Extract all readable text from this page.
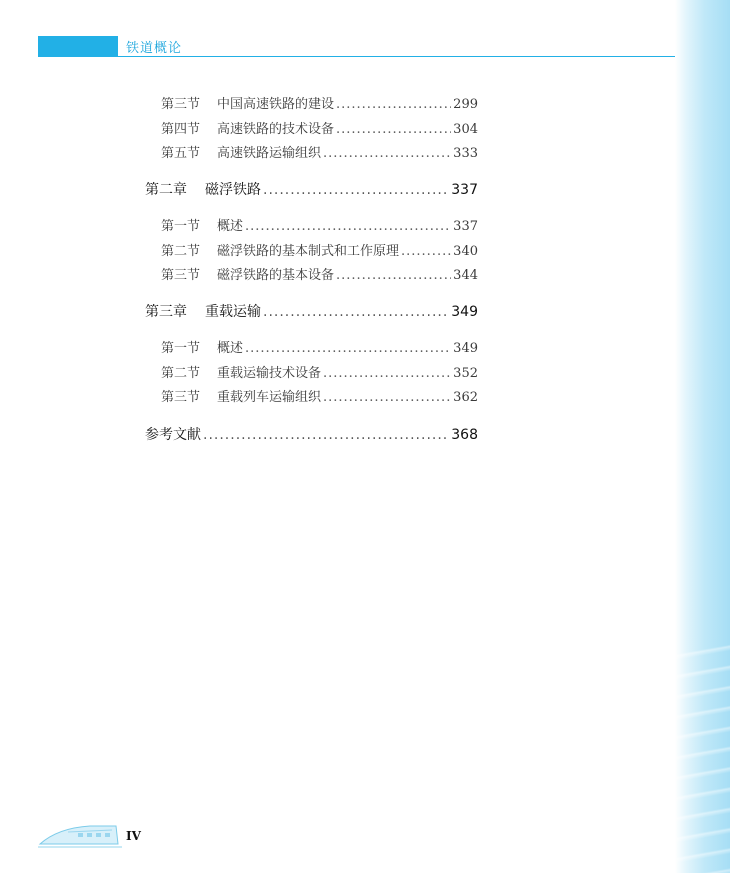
铁道概论
第三节	中国高速铁路的建设 .....	299
第四节	高速铁路的技术设备 .....	304
第五节	高速铁路运输组织 .....	333
第二章	磁浮铁路 .....	337
第一节	概述 .....	337
第二节	磁浮铁路的基本制式和工作原理 .....	340
第三节	磁浮铁路的基本设备 .....	344
第三章	重载运输 .....	349
第一节	概述 .....	349
第二节	重载运输技术设备 .....	352
第三节	重载列车运输组织 .....	362
参考文献 .....	368
IV
